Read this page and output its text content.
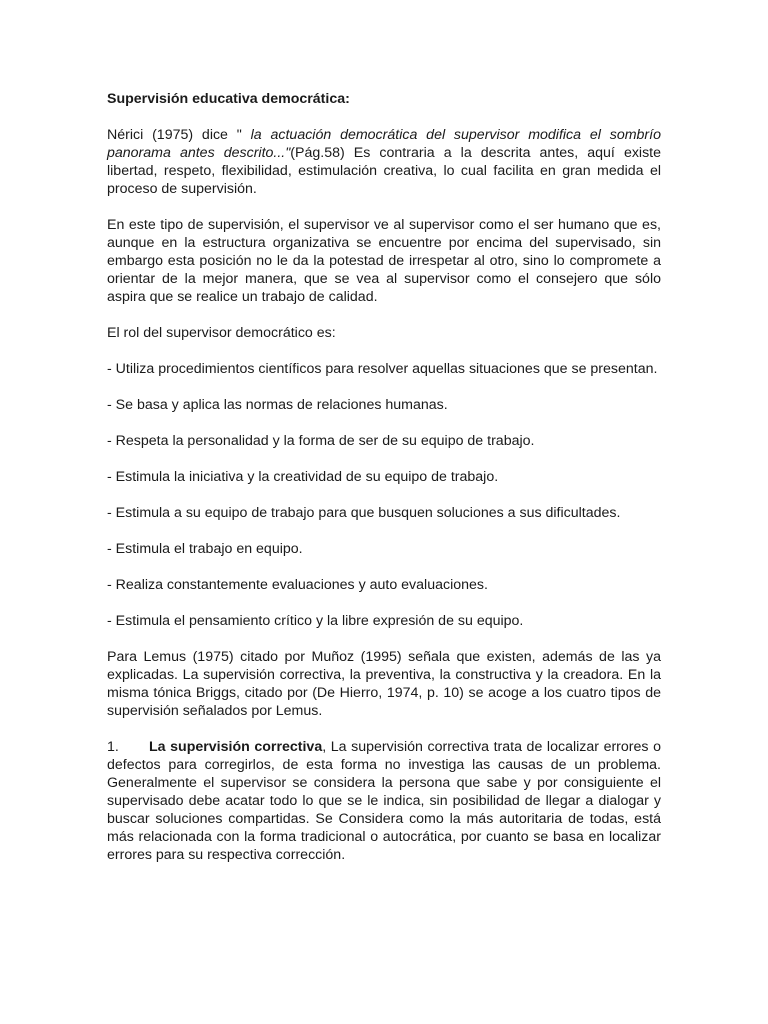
Supervisión educativa democrática:
Nérici (1975) dice " la actuación democrática del supervisor modifica el sombrío panorama antes descrito..."(Pág.58) Es contraria a la descrita antes, aquí existe libertad, respeto, flexibilidad, estimulación creativa, lo cual facilita en gran medida el proceso de supervisión.
En este tipo de supervisión, el supervisor ve al supervisor como el ser humano que es, aunque en la estructura organizativa se encuentre por encima del supervisado, sin embargo esta posición no le da la potestad de irrespetar al otro, sino lo compromete a orientar de la mejor manera, que se vea al supervisor como el consejero que sólo aspira que se realice un trabajo de calidad.
El rol del supervisor democrático es:
- Utiliza procedimientos científicos para resolver aquellas situaciones que se presentan.
- Se basa y aplica las normas de relaciones humanas.
- Respeta la personalidad y la forma de ser de su equipo de trabajo.
- Estimula la iniciativa y la creatividad de su equipo de trabajo.
- Estimula a su equipo de trabajo para que busquen soluciones a sus dificultades.
- Estimula el trabajo en equipo.
- Realiza constantemente evaluaciones y auto evaluaciones.
- Estimula el pensamiento crítico y la libre expresión de su equipo.
Para Lemus (1975) citado por Muñoz (1995) señala que existen, además de las ya explicadas. La supervisión correctiva, la preventiva, la constructiva y la creadora. En la misma tónica Briggs, citado por (De Hierro, 1974, p. 10) se acoge a los cuatro tipos de supervisión señalados por Lemus.
1. La supervisión correctiva, La supervisión correctiva trata de localizar errores o defectos para corregirlos, de esta forma no investiga las causas de un problema. Generalmente el supervisor se considera la persona que sabe y por consiguiente el supervisado debe acatar todo lo que se le indica, sin posibilidad de llegar a dialogar y buscar soluciones compartidas. Se Considera como la más autoritaria de todas, está más relacionada con la forma tradicional o autocrática, por cuanto se basa en localizar errores para su respectiva corrección.
